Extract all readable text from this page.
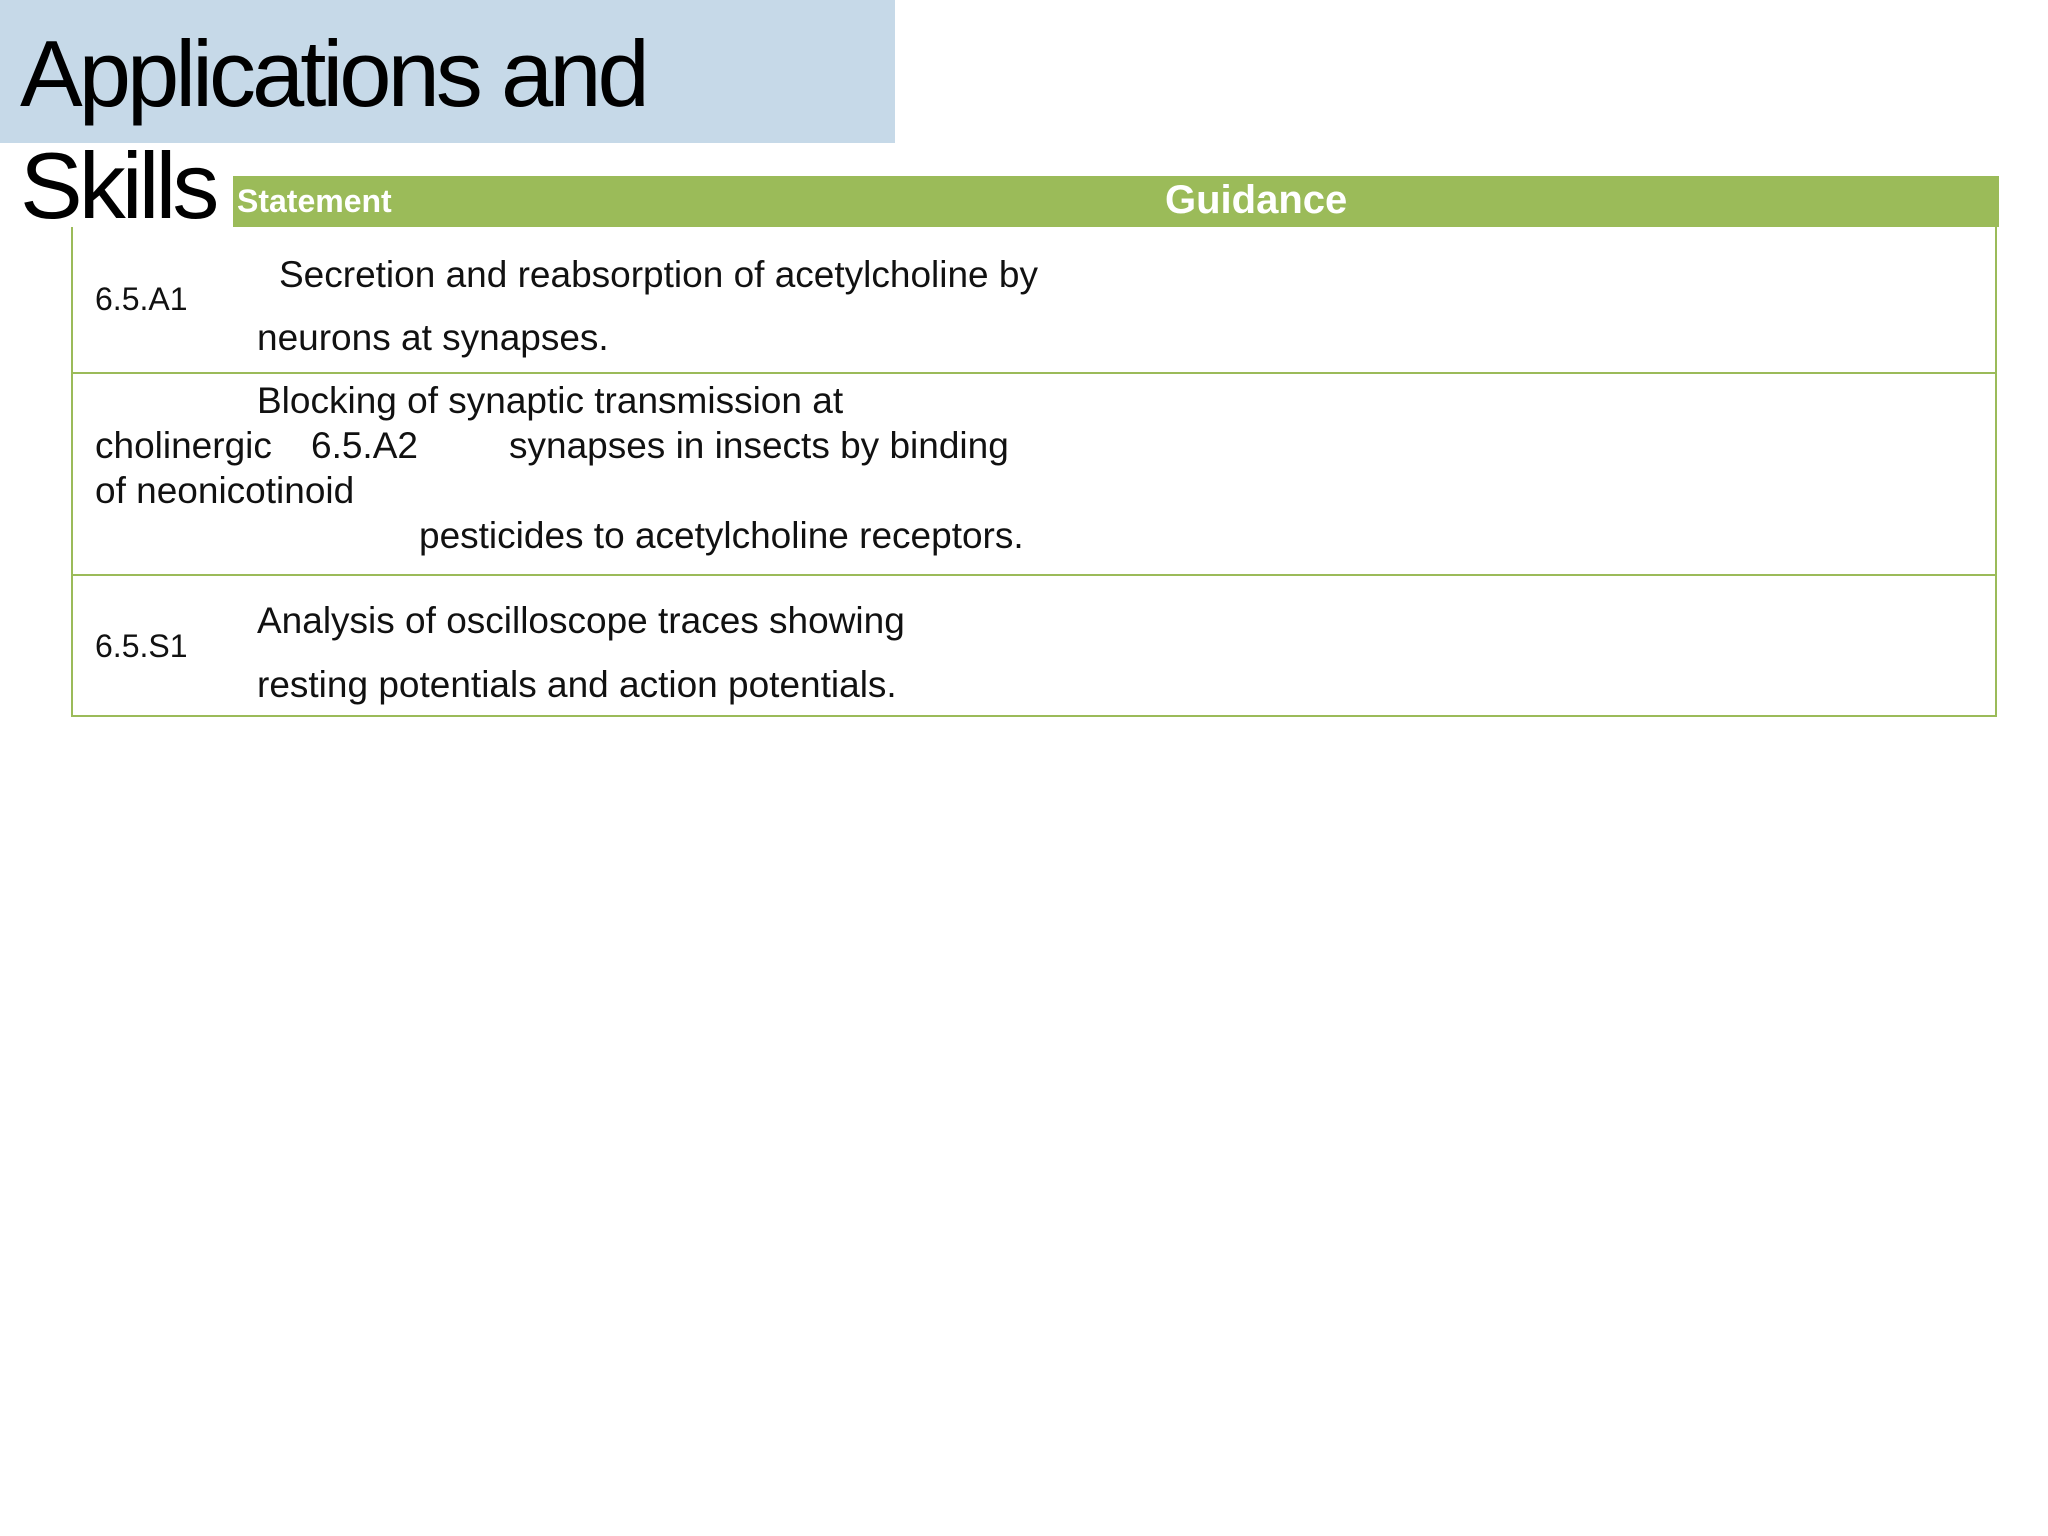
Applications and
Skills Statement	Guidance
6.5.A1
Secretion and reabsorption of acetylcholine by
neurons at synapses.
Blocking of synaptic transmission at
cholinergic 6.5.A2 synapses in insects by binding
of neonicotinoid
pesticides to acetylcholine receptors.
6.5.S1
Analysis of oscilloscope traces showing
resting potentials and action potentials.
